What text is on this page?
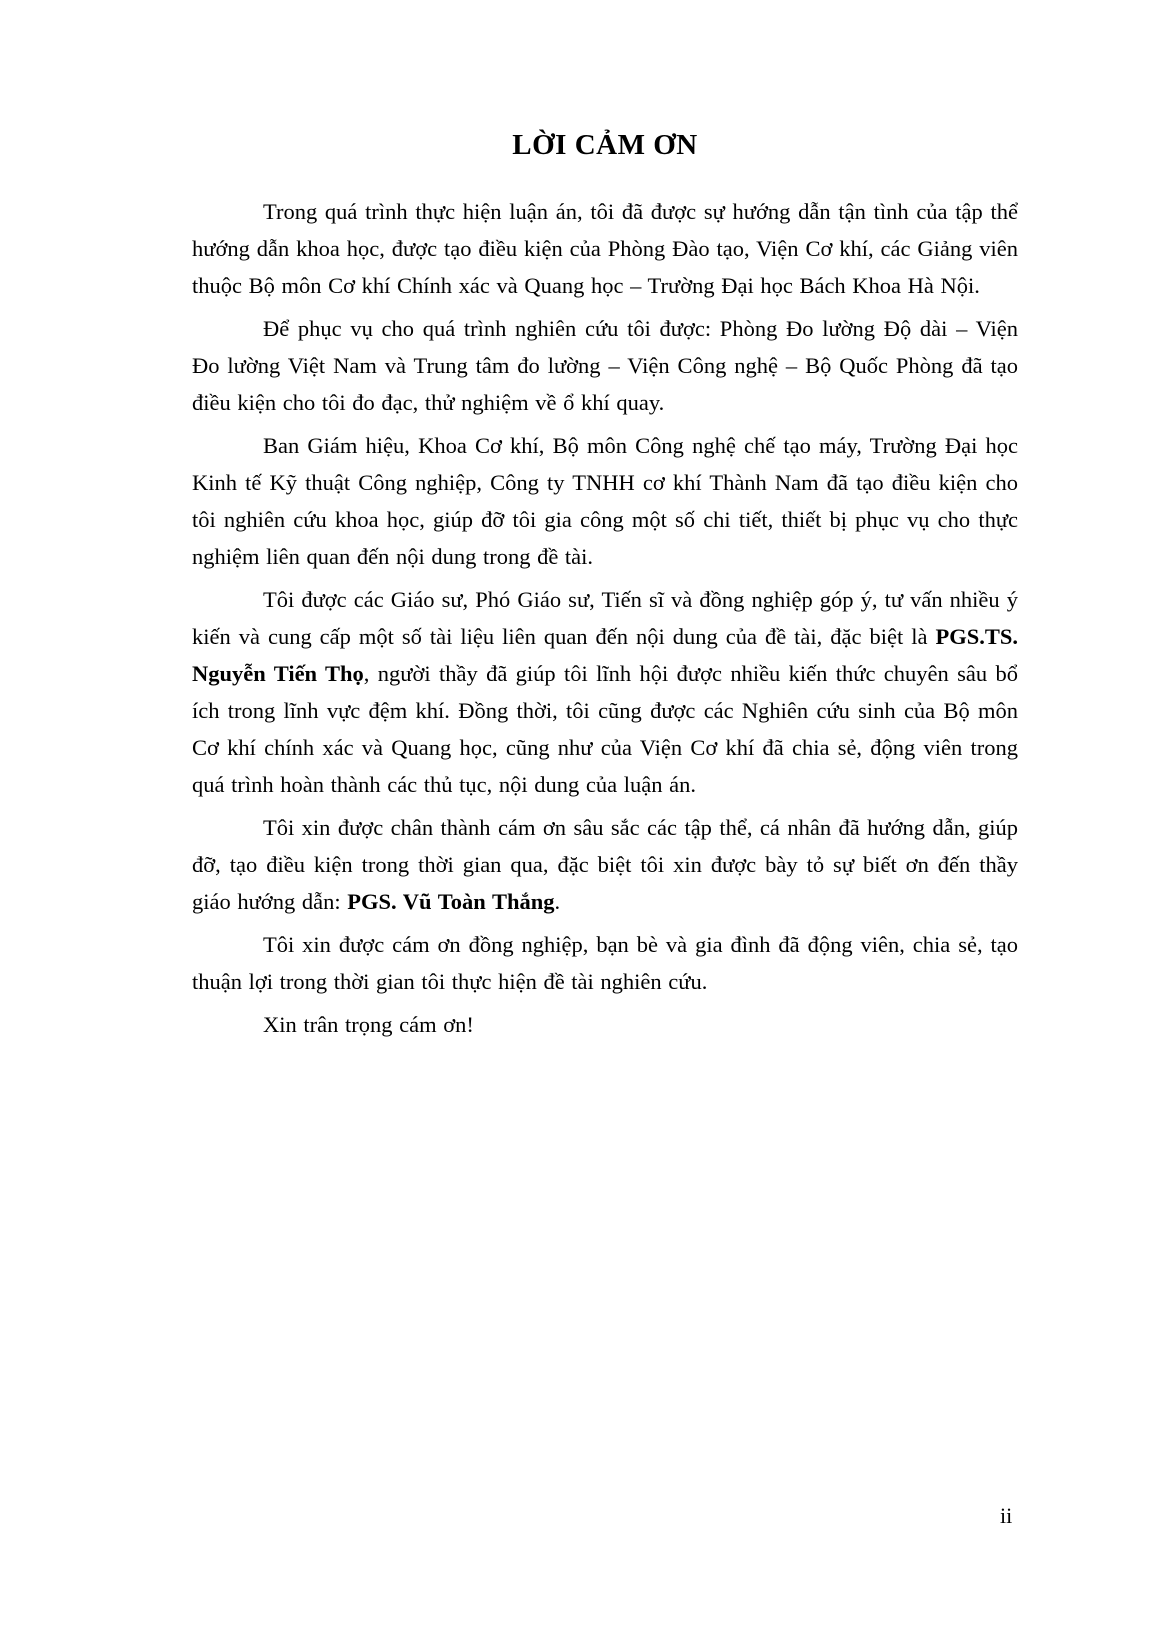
LỜI CẢM ƠN

Trong quá trình thực hiện luận án, tôi đã được sự hướng dẫn tận tình của tập thể hướng dẫn khoa học, được tạo điều kiện của Phòng Đào tạo, Viện Cơ khí, các Giảng viên thuộc Bộ môn Cơ khí Chính xác và Quang học – Trường Đại học Bách Khoa Hà Nội.

Để phục vụ cho quá trình nghiên cứu tôi được: Phòng Đo lường Độ dài – Viện Đo lường Việt Nam và Trung tâm đo lường – Viện Công nghệ – Bộ Quốc Phòng đã tạo điều kiện cho tôi đo đạc, thử nghiệm về ổ khí quay.

Ban Giám hiệu, Khoa Cơ khí, Bộ môn Công nghệ chế tạo máy, Trường Đại học Kinh tế Kỹ thuật Công nghiệp, Công ty TNHH cơ khí Thành Nam đã tạo điều kiện cho tôi nghiên cứu khoa học, giúp đỡ tôi gia công một số chi tiết, thiết bị phục vụ cho thực nghiệm liên quan đến nội dung trong đề tài.

Tôi được các Giáo sư, Phó Giáo sư, Tiến sĩ và đồng nghiệp góp ý, tư vấn nhiều ý kiến và cung cấp một số tài liệu liên quan đến nội dung của đề tài, đặc biệt là PGS.TS. Nguyễn Tiến Thọ, người thầy đã giúp tôi lĩnh hội được nhiều kiến thức chuyên sâu bổ ích trong lĩnh vực đệm khí. Đồng thời, tôi cũng được các Nghiên cứu sinh của Bộ môn Cơ khí chính xác và Quang học, cũng như của Viện Cơ khí đã chia sẻ, động viên trong quá trình hoàn thành các thủ tục, nội dung của luận án.

Tôi xin được chân thành cám ơn sâu sắc các tập thể, cá nhân đã hướng dẫn, giúp đỡ, tạo điều kiện trong thời gian qua, đặc biệt tôi xin được bày tỏ sự biết ơn đến thầy giáo hướng dẫn: PGS. Vũ Toàn Thắng.

Tôi xin được cám ơn đồng nghiệp, bạn bè và gia đình đã động viên, chia sẻ, tạo thuận lợi trong thời gian tôi thực hiện đề tài nghiên cứu.

Xin trân trọng cám ơn!

ii
